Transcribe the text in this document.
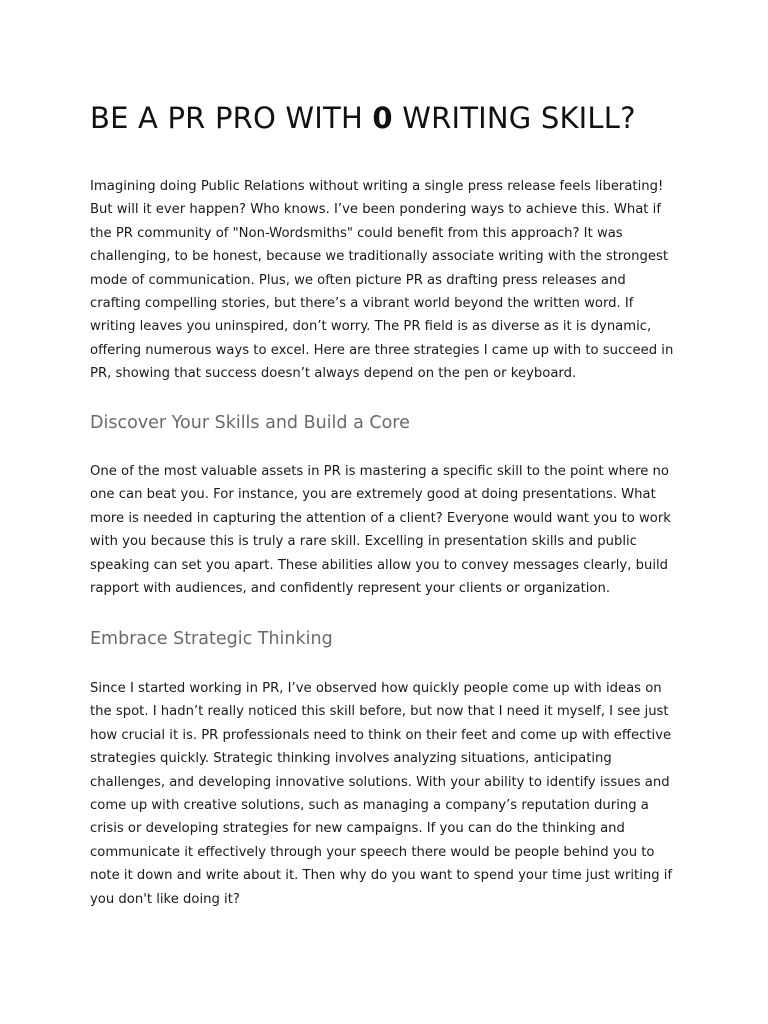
BE A PR PRO WITH 0 WRITING SKILL?

Imagining doing Public Relations without writing a single press release feels liberating! But will it ever happen? Who knows. I’ve been pondering ways to achieve this. What if the PR community of "Non-Wordsmiths" could benefit from this approach? It was challenging, to be honest, because we traditionally associate writing with the strongest mode of communication. Plus, we often picture PR as drafting press releases and crafting compelling stories, but there’s a vibrant world beyond the written word. If writing leaves you uninspired, don’t worry. The PR field is as diverse as it is dynamic, offering numerous ways to excel. Here are three strategies I came up with to succeed in PR, showing that success doesn’t always depend on the pen or keyboard.

Discover Your Skills and Build a Core

One of the most valuable assets in PR is mastering a specific skill to the point where no one can beat you. For instance, you are extremely good at doing presentations. What more is needed in capturing the attention of a client? Everyone would want you to work with you because this is truly a rare skill. Excelling in presentation skills and public speaking can set you apart. These abilities allow you to convey messages clearly, build rapport with audiences, and confidently represent your clients or organization.

Embrace Strategic Thinking

Since I started working in PR, I’ve observed how quickly people come up with ideas on the spot. I hadn’t really noticed this skill before, but now that I need it myself, I see just how crucial it is. PR professionals need to think on their feet and come up with effective strategies quickly. Strategic thinking involves analyzing situations, anticipating challenges, and developing innovative solutions. With your ability to identify issues and come up with creative solutions, such as managing a company’s reputation during a crisis or developing strategies for new campaigns. If you can do the thinking and communicate it effectively through your speech there would be people behind you to note it down and write about it. Then why do you want to spend your time just writing if you don't like doing it?
